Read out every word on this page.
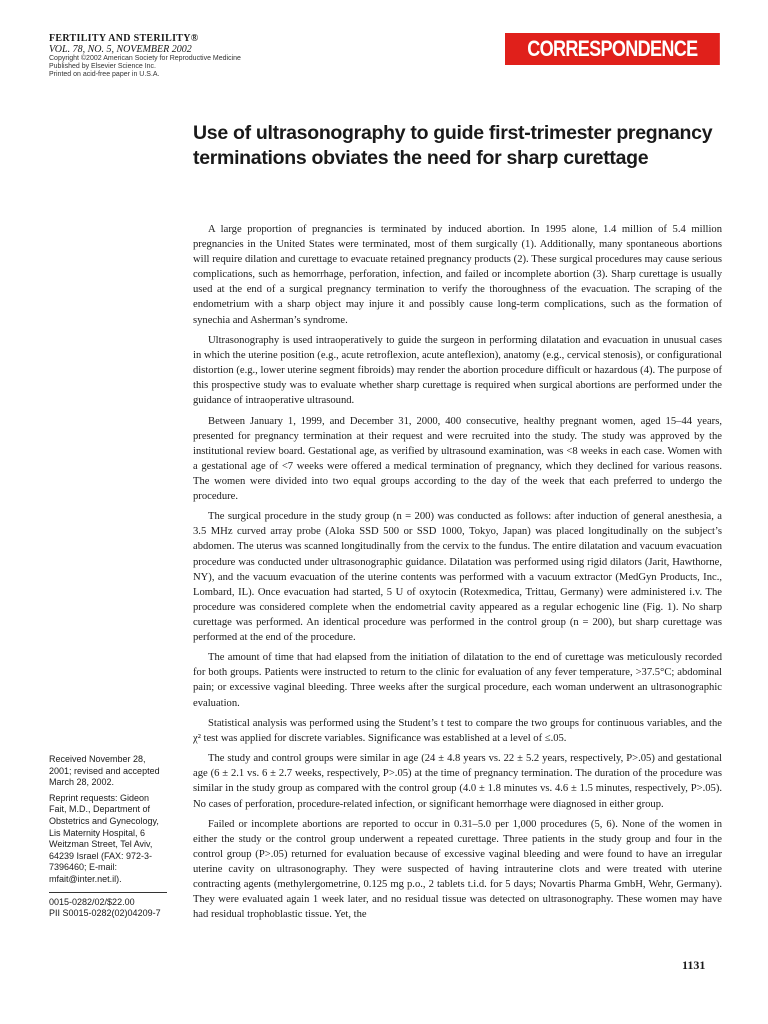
FERTILITY AND STERILITY®
VOL. 78, NO. 5, NOVEMBER 2002
Copyright ©2002 American Society for Reproductive Medicine
Published by Elsevier Science Inc.
Printed on acid-free paper in U.S.A.
CORRESPONDENCE
Use of ultrasonography to guide first-trimester pregnancy terminations obviates the need for sharp curettage

A large proportion of pregnancies is terminated by induced abortion. In 1995 alone, 1.4 million of 5.4 million pregnancies in the United States were terminated, most of them surgically (1). Additionally, many spontaneous abortions will require dilation and curettage to evacuate retained pregnancy products (2). These surgical procedures may cause serious complications, such as hemorrhage, perforation, infection, and failed or incomplete abortion (3). Sharp curettage is usually used at the end of a surgical pregnancy termination to verify the thoroughness of the evacuation. The scraping of the endometrium with a sharp object may injure it and possibly cause long-term complications, such as the formation of synechia and Asherman’s syndrome.

Ultrasonography is used intraoperatively to guide the surgeon in performing dilatation and evacuation in unusual cases in which the uterine position (e.g., acute retroflexion, acute anteflexion), anatomy (e.g., cervical stenosis), or configurational distortion (e.g., lower uterine segment fibroids) may render the abortion procedure difficult or hazardous (4). The purpose of this prospective study was to evaluate whether sharp curettage is required when surgical abortions are performed under the guidance of intraoperative ultrasound.

Between January 1, 1999, and December 31, 2000, 400 consecutive, healthy pregnant women, aged 15–44 years, presented for pregnancy termination at their request and were recruited into the study. The study was approved by the institutional review board. Gestational age, as verified by ultrasound examination, was <8 weeks in each case. Women with a gestational age of <7 weeks were offered a medical termination of pregnancy, which they declined for various reasons. The women were divided into two equal groups according to the day of the week that each preferred to undergo the procedure.

The surgical procedure in the study group (n = 200) was conducted as follows: after induction of general anesthesia, a 3.5 MHz curved array probe (Aloka SSD 500 or SSD 1000, Tokyo, Japan) was placed longitudinally on the subject’s abdomen. The uterus was scanned longitudinally from the cervix to the fundus. The entire dilatation and vacuum evacuation procedure was conducted under ultrasonographic guidance. Dilatation was performed using rigid dilators (Jarit, Hawthorne, NY), and the vacuum evacuation of the uterine contents was performed with a vacuum extractor (MedGyn Products, Inc., Lombard, IL). Once evacuation had started, 5 U of oxytocin (Rotexmedica, Trittau, Germany) were administered i.v. The procedure was considered complete when the endometrial cavity appeared as a regular echogenic line (Fig. 1). No sharp curettage was performed. An identical procedure was performed in the control group (n = 200), but sharp curettage was performed at the end of the procedure.

The amount of time that had elapsed from the initiation of dilatation to the end of curettage was meticulously recorded for both groups. Patients were instructed to return to the clinic for evaluation of any fever temperature, >37.5°C; abdominal pain; or excessive vaginal bleeding. Three weeks after the surgical procedure, each woman underwent an ultrasonographic evaluation.

Statistical analysis was performed using the Student’s t test to compare the two groups for continuous variables, and the χ² test was applied for discrete variables. Significance was established at a level of ≤.05.

The study and control groups were similar in age (24 ± 4.8 years vs. 22 ± 5.2 years, respectively, P>.05) and gestational age (6 ± 2.1 vs. 6 ± 2.7 weeks, respectively, P>.05) at the time of pregnancy termination. The duration of the procedure was similar in the study group as compared with the control group (4.0 ± 1.8 minutes vs. 4.6 ± 1.5 minutes, respectively, P>.05). No cases of perforation, procedure-related infection, or significant hemorrhage were diagnosed in either group.

Failed or incomplete abortions are reported to occur in 0.31–5.0 per 1,000 procedures (5, 6). None of the women in either the study or the control group underwent a repeated curettage. Three patients in the study group and four in the control group (P>.05) returned for evaluation because of excessive vaginal bleeding and were found to have an irregular uterine cavity on ultrasonography. They were suspected of having intrauterine clots and were treated with uterine contracting agents (methylergometrine, 0.125 mg p.o., 2 tablets t.i.d. for 5 days; Novartis Pharma GmbH, Wehr, Germany). They were evaluated again 1 week later, and no residual tissue was detected on ultrasonography. These women may have had residual trophoblastic tissue. Yet, the

Received November 28, 2001; revised and accepted March 28, 2002.

Reprint requests: Gideon Fait, M.D., Department of Obstetrics and Gynecology, Lis Maternity Hospital, 6 Weitzman Street, Tel Aviv, 64239 Israel (FAX: 972-3-7396460; E-mail: mfait@inter.net.il).

0015-0282/02/$22.00
PII S0015-0282(02)04209-7
1131
